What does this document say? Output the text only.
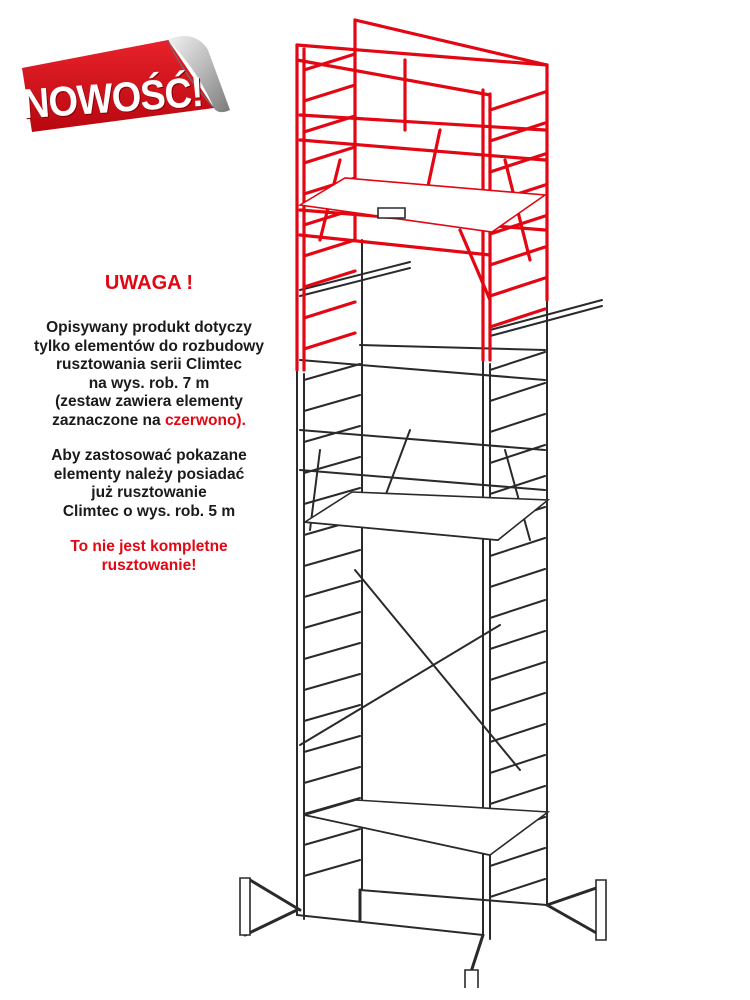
NOWOŚĆ!
UWAGA !
Opisywany produkt dotyczy
tylko elementów do rozbudowy
rusztowania serii Climtec
na wys. rob. 7 m
(zestaw zawiera elementy
zaznaczone na czerwono).
Aby zastosować pokazane
elementy należy posiadać
już rusztowanie
Climtec o wys. rob. 5 m
To nie jest kompletne
rusztowanie!
